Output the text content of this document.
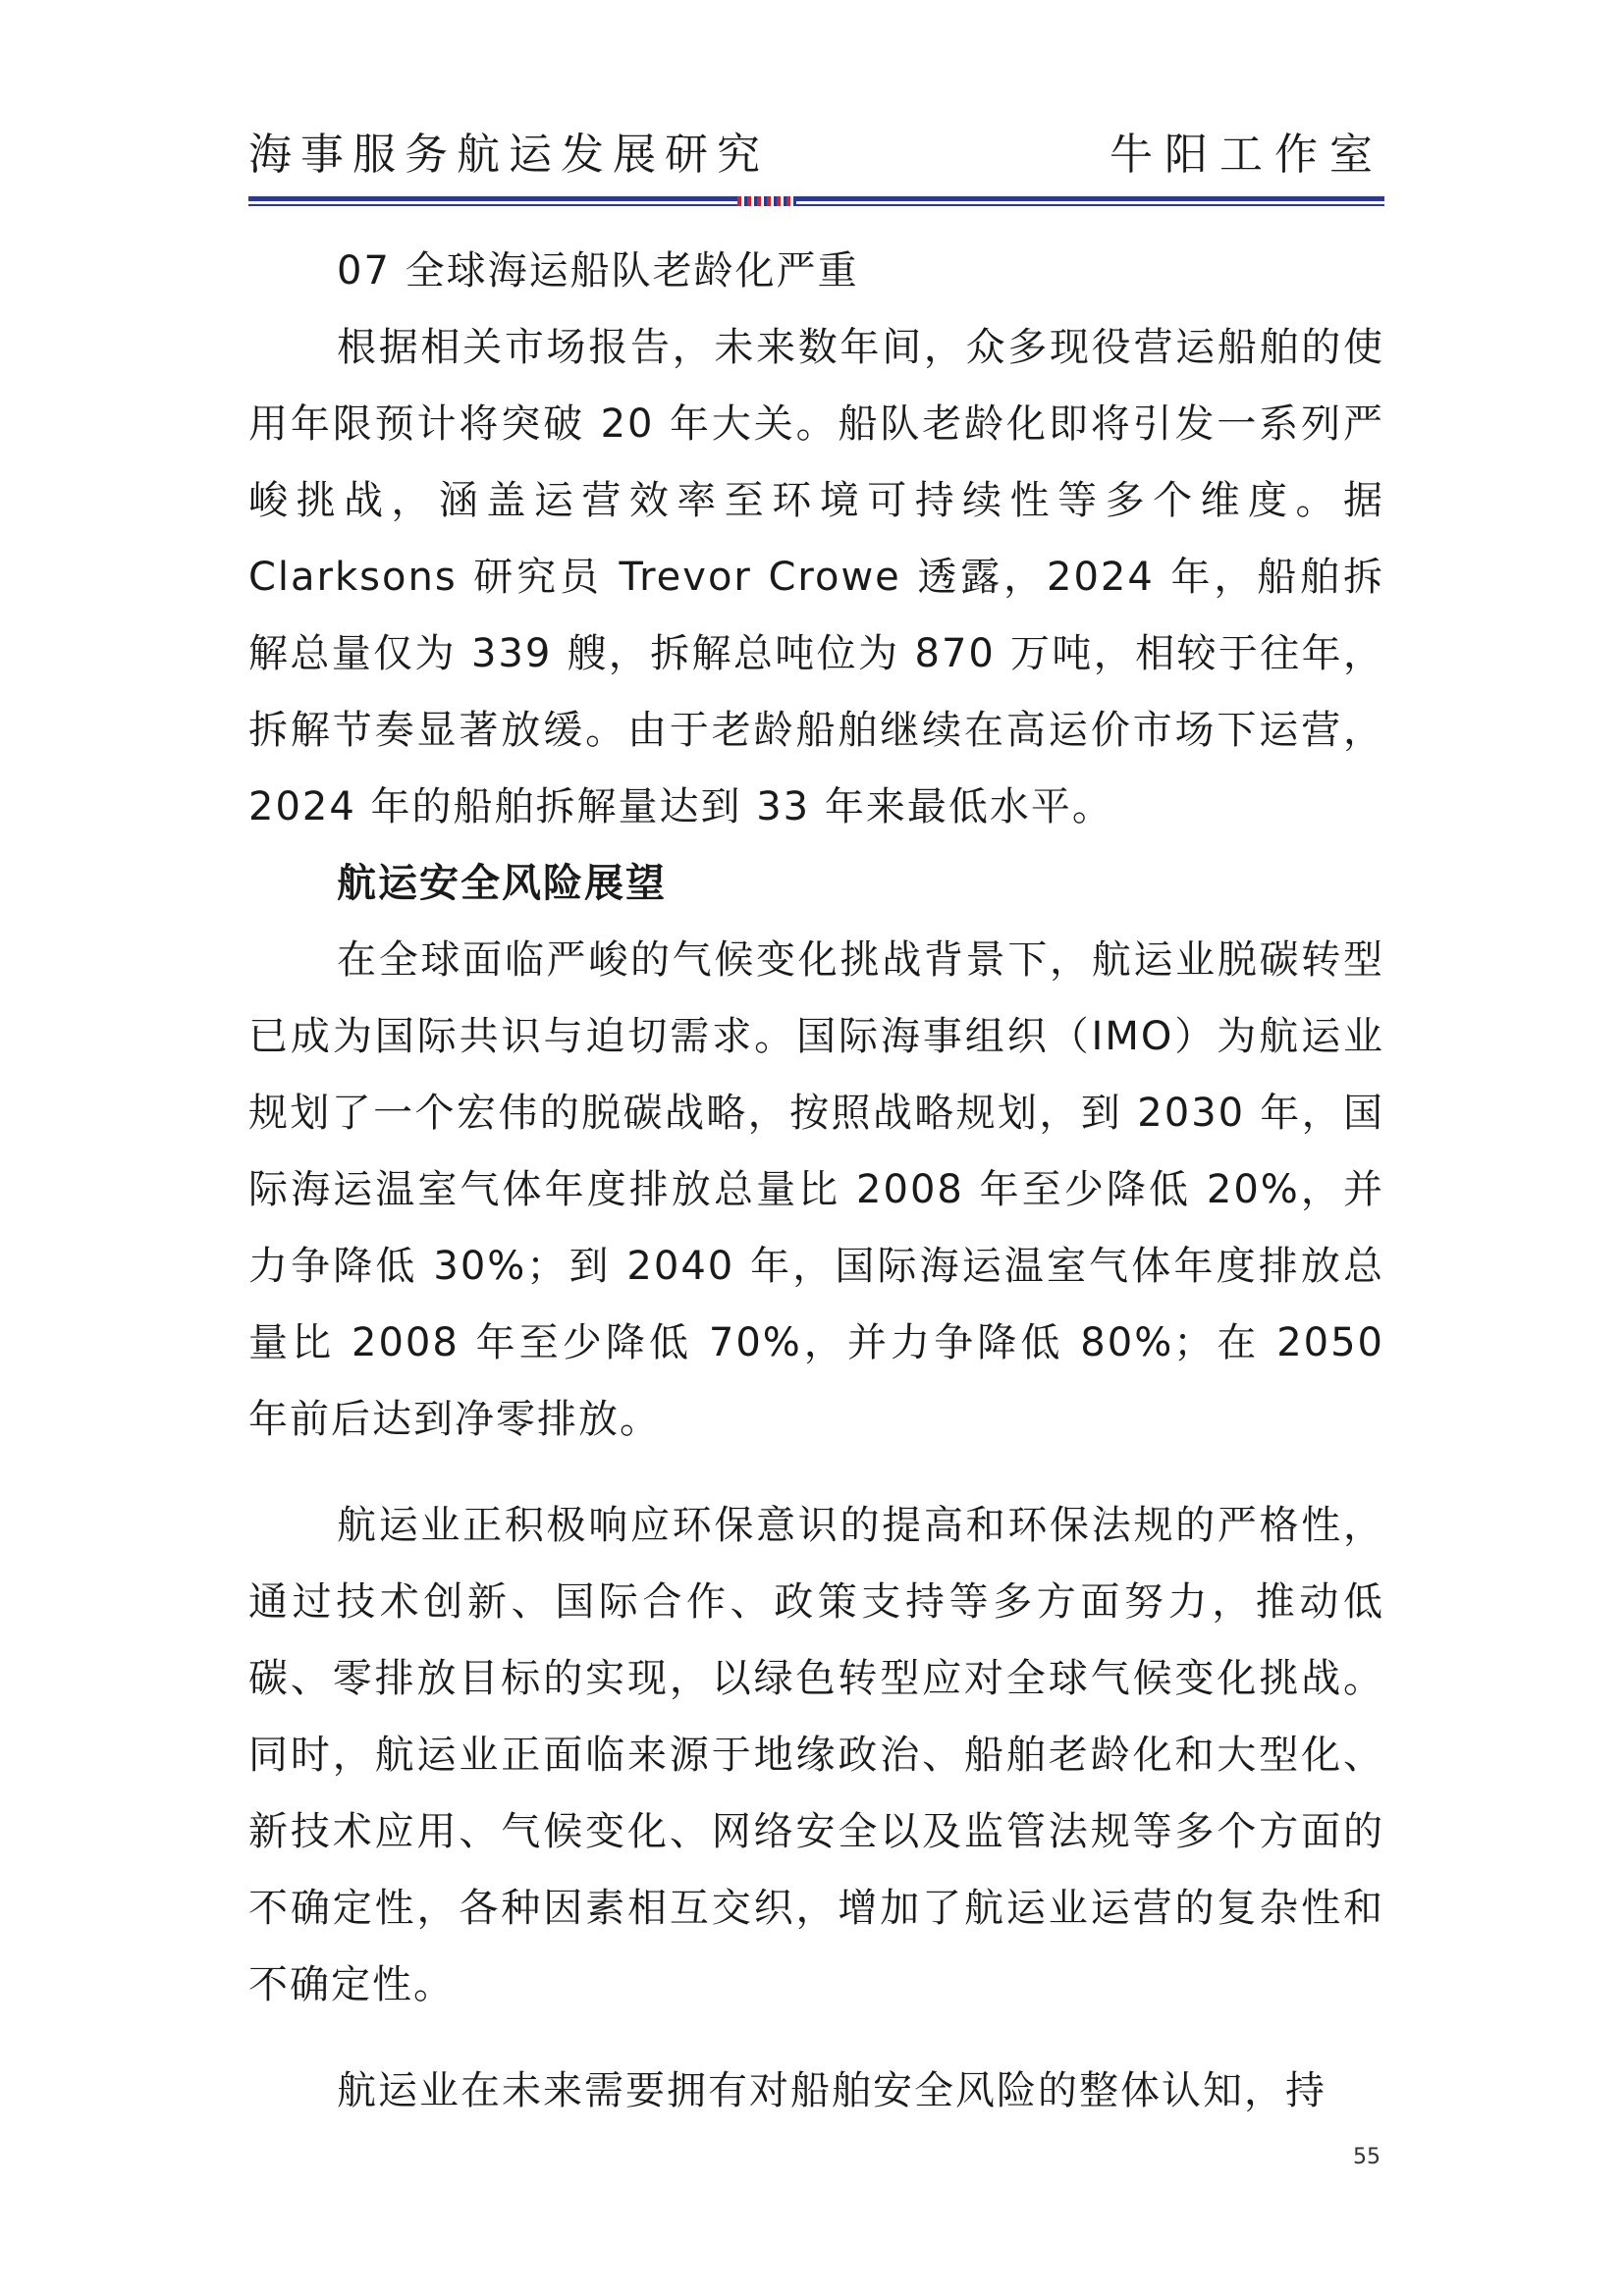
海事服务航运发展研究	牛阳工作室

07 全球海运船队老龄化严重

根据相关市场报告，未来数年间，众多现役营运船舶的使用年限预计将突破 20 年大关。船队老龄化即将引发一系列严峻挑战，涵盖运营效率至环境可持续性等多个维度。据 Clarksons 研究员 Trevor Crowe 透露，2024 年，船舶拆解总量仅为 339 艘，拆解总吨位为 870 万吨，相较于往年，拆解节奏显著放缓。由于老龄船舶继续在高运价市场下运营，2024 年的船舶拆解量达到 33 年来最低水平。

航运安全风险展望

在全球面临严峻的气候变化挑战背景下，航运业脱碳转型已成为国际共识与迫切需求。国际海事组织（IMO）为航运业规划了一个宏伟的脱碳战略，按照战略规划，到 2030 年，国际海运温室气体年度排放总量比 2008 年至少降低 20%，并力争降低 30%；到 2040 年，国际海运温室气体年度排放总量比 2008 年至少降低 70%，并力争降低 80%；在 2050 年前后达到净零排放。

航运业正积极响应环保意识的提高和环保法规的严格性，通过技术创新、国际合作、政策支持等多方面努力，推动低碳、零排放目标的实现，以绿色转型应对全球气候变化挑战。同时，航运业正面临来源于地缘政治、船舶老龄化和大型化、新技术应用、气候变化、网络安全以及监管法规等多个方面的不确定性，各种因素相互交织，增加了航运业运营的复杂性和不确定性。

航运业在未来需要拥有对船舶安全风险的整体认知，持

55
